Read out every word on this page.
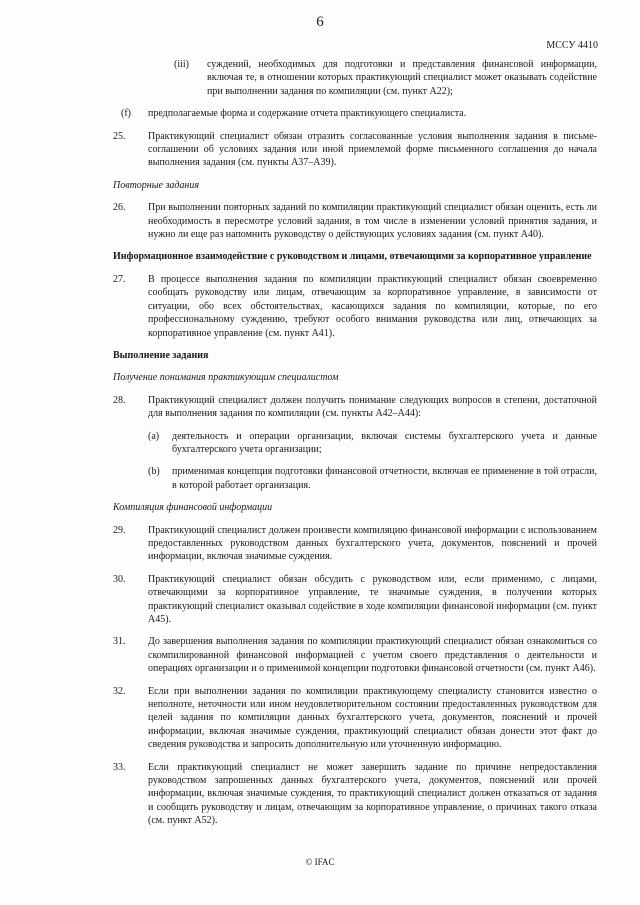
6
МССУ 4410
(iii)	суждений, необходимых для подготовки и представления финансовой информации, включая те, в отношении которых практикующий специалист может оказывать содействие при выполнении задания по компиляции (см. пункт А22);
(f)	предполагаемые форма и содержание отчета практикующего специалиста.
25.	Практикующий специалист обязан отразить согласованные условия выполнения задания в письме-соглашении об условиях задания или иной приемлемой форме письменного соглашения до начала выполнения задания (см. пункты А37–А39).
Повторные задания
26.	При выполнении повторных заданий по компиляции практикующий специалист обязан оценить, есть ли необходимость в пересмотре условий задания, в том числе в изменении условий принятия задания, и нужно ли еще раз напомнить руководству о действующих условиях задания (см. пункт А40).
Информационное взаимодействие с руководством и лицами, отвечающими за корпоративное управление
27.	В процессе выполнения задания по компиляции практикующий специалист обязан своевременно сообщать руководству или лицам, отвечающим за корпоративное управление, в зависимости от ситуации, обо всех обстоятельствах, касающихся задания по компиляции, которые, по его профессиональному суждению, требуют особого внимания руководства или лиц, отвечающих за корпоративное управление (см. пункт А41).
Выполнение задания
Получение понимания практикующим специалистом
28.	Практикующий специалист должен получить понимание следующих вопросов в степени, достаточной для выполнения задания по компиляции (см. пункты А42–А44):
(a)	деятельность и операции организации, включая системы бухгалтерского учета и данные бухгалтерского учета организации;
(b)	применимая концепция подготовки финансовой отчетности, включая ее применение в той отрасли, в которой работает организация.
Компиляция финансовой информации
29.	Практикующий специалист должен произвести компиляцию финансовой информации с использованием предоставленных руководством данных бухгалтерского учета, документов, пояснений и прочей информации, включая значимые суждения.
30.	Практикующий специалист обязан обсудить с руководством или, если применимо, с лицами, отвечающими за корпоративное управление, те значимые суждения, в получении которых практикующий специалист оказывал содействие в ходе компиляции финансовой информации (см. пункт А45).
31.	До завершения выполнения задания по компиляции практикующий специалист обязан ознакомиться со скомпилированной финансовой информацией с учетом своего представления о деятельности и операциях организации и о применимой концепции подготовки финансовой отчетности (см. пункт А46).
32.	Если при выполнении задания по компиляции практикующему специалисту становится известно о неполноте, неточности или ином неудовлетворительном состоянии предоставленных руководством для целей задания по компиляции данных бухгалтерского учета, документов, пояснений и прочей информации, включая значимые суждения, практикующий специалист обязан донести этот факт до сведения руководства и запросить дополнительную или уточненную информацию.
33.	Если практикующий специалист не может завершить задание по причине непредоставления руководством запрошенных данных бухгалтерского учета, документов, пояснений или прочей информации, включая значимые суждения, то практикующий специалист должен отказаться от задания и сообщить руководству и лицам, отвечающим за корпоративное управление, о причинах такого отказа (см. пункт А52).
© IFAC
